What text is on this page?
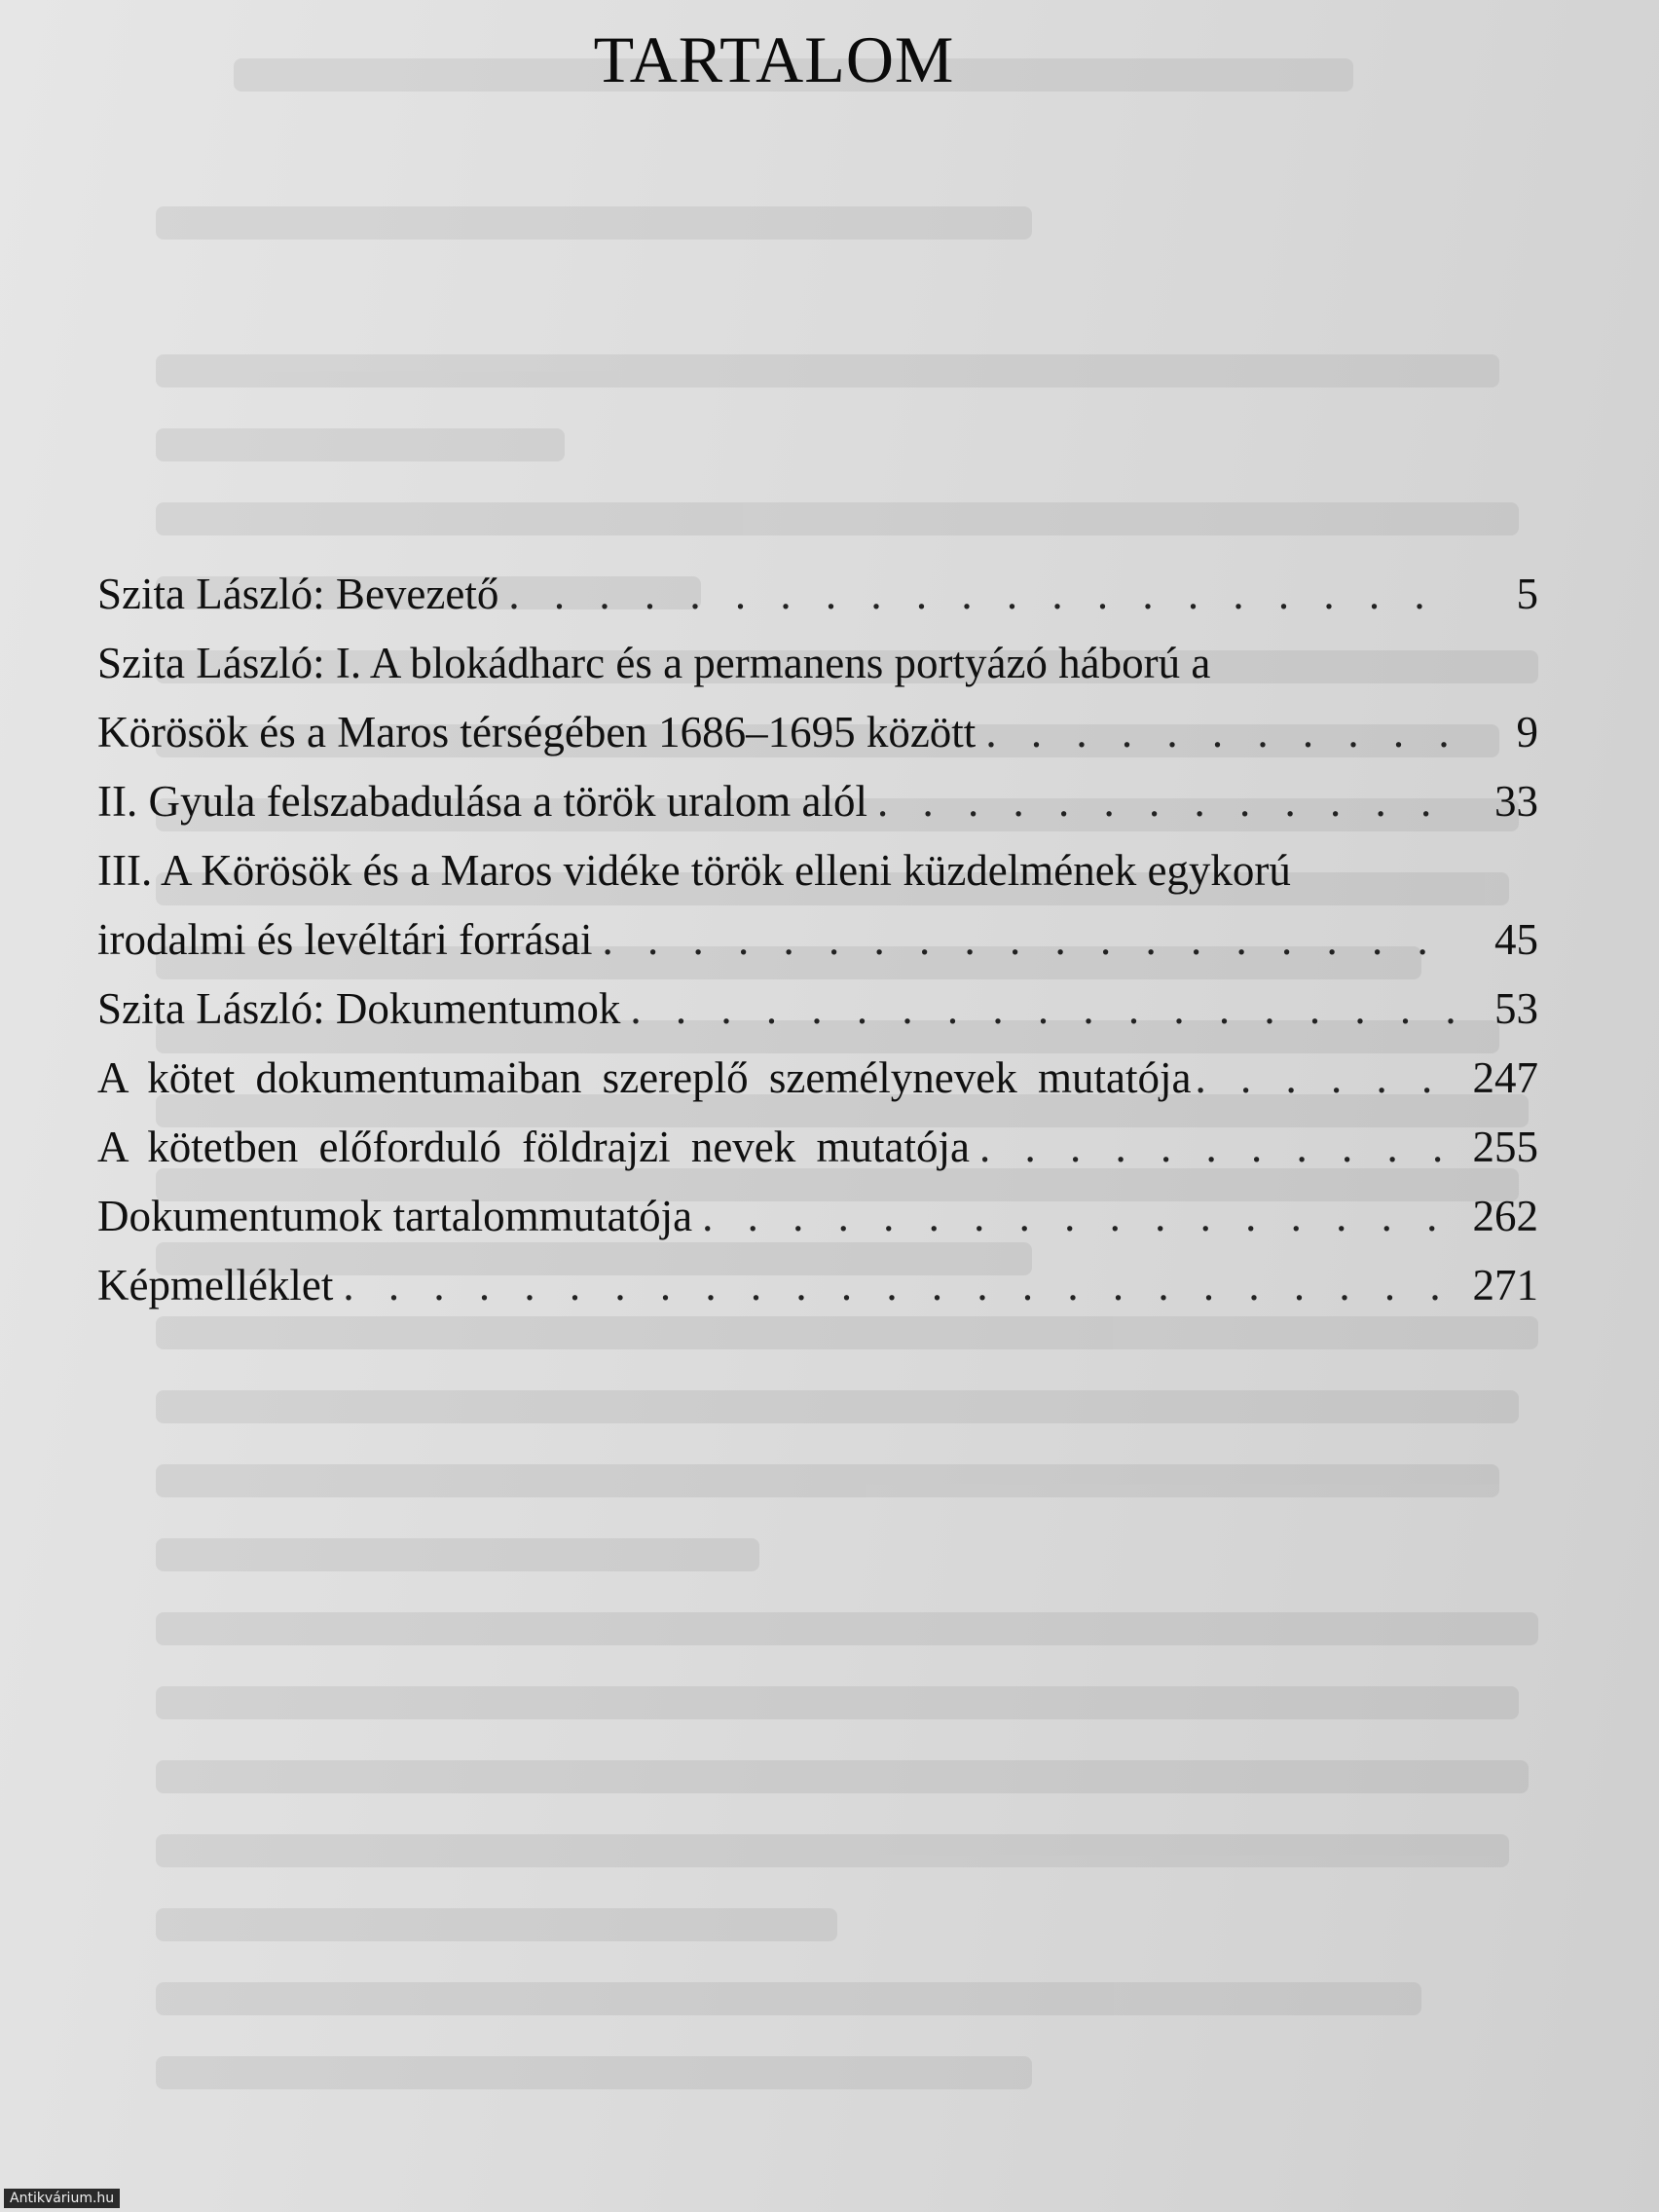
TARTALOM
Szita László: Bevezető . . .	5
Szita László: I. A blokádharc és a permanens portyázó háború a
Körösök és a Maros térségében 1686–1695 között . . .	9
II. Gyula felszabadulása a török uralom alól . . .	33
III. A Körösök és a Maros vidéke török elleni küzdelmének egykorú
irodalmi és levéltári forrásai . . .	45
Szita László: Dokumentumok . . .	53
A kötet dokumentumaiban szereplő személynevek mutatója . . .	247
A kötetben előforduló földrajzi nevek mutatója . . .	255
Dokumentumok tartalommutatója . . .	262
Képmelléklet . . .	271
Antikvárium.hu
